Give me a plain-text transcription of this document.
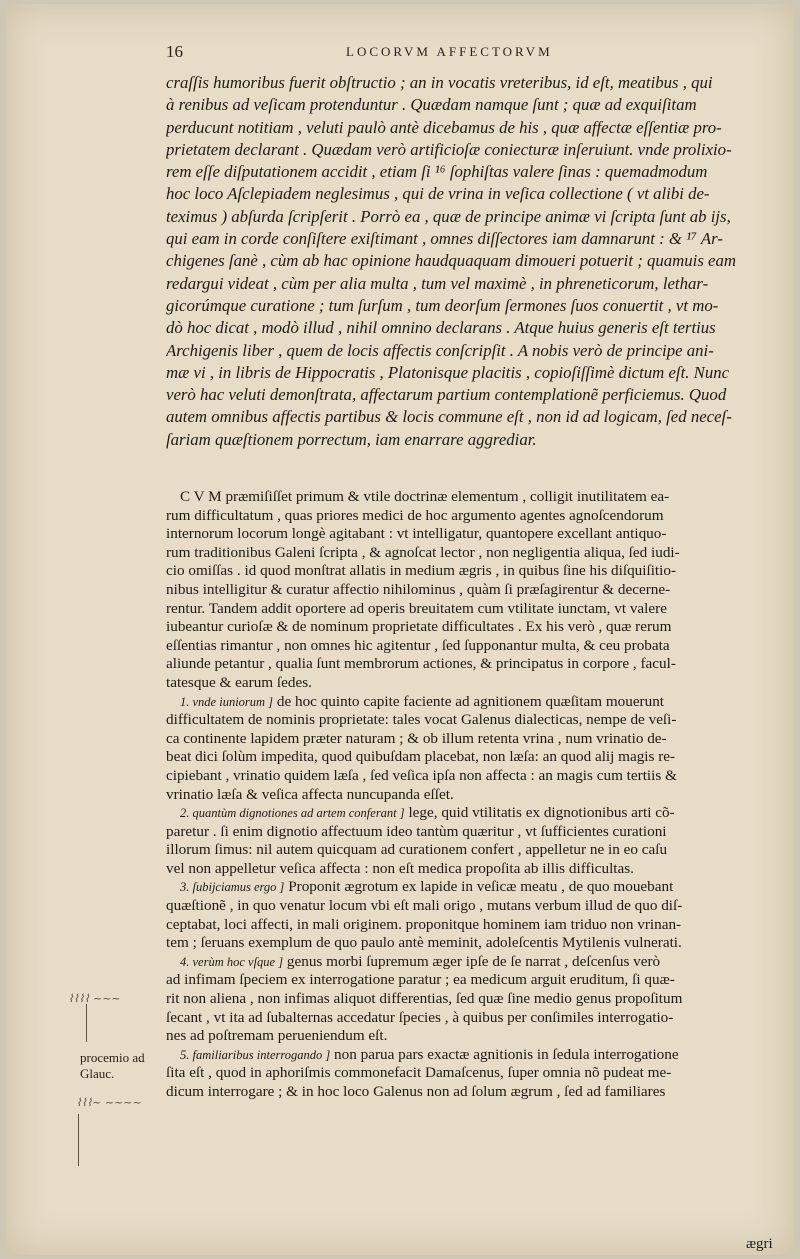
16	LOCORVM AFFECTORVM

craſſis humoribus fuerit obſtructio ; an in vocatis vreteribus, id eſt, meatibus , qui

à renibus ad veſicam protenduntur . Quædam namque ſunt ; quæ ad exquiſitam

perducunt notitiam , veluti paulò antè dicebamus de his , quæ affectæ eſſentiæ pro-

prietatem declarant . Quædam verò artificioſæ coniecturæ inſeruiunt. vnde prolixio-

rem eſſe diſputationem accidit , etiam ſi ¹⁶ ſophiſtas valere ſinas : quemadmodum

hoc loco Aſclepiadem neglesimus , qui de vrina in veſica collectione ( vt alibi de-

teximus ) abſurda ſcripſerit . Porrò ea , quæ de principe animæ vi ſcripta ſunt ab ijs,

qui eam in corde conſiſtere exiſtimant , omnes diſſectores iam damnarunt : & ¹⁷ Ar-

chigenes ſanè , cùm ab hac opinione haudquaquam dimoueri potuerit ; quamuis eam

redargui videat , cùm per alia multa , tum vel maximè , in phreneticorum, lethar-

gicorúmque curatione ; tum ſurſum , tum deorſum ſermones ſuos conuertit , vt mo-

dò hoc dicat , modò illud , nihil omnino declarans . Atque huius generis eſt tertius

Archigenis liber , quem de locis affectis conſcripſit . A nobis verò de principe ani-

mæ vi , in libris de Hippocratis , Platonisque placitis , copioſiſſimè dictum eſt. Nunc

verò hac veluti demonſtrata, affectarum partium contemplationẽ perficiemus. Quod

autem omnibus affectis partibus & locis commune eſt , non id ad logicam, ſed neceſ-

ſariam quæſtionem porrectum, iam enarrare aggrediar.

C V M præmiſiſſet primum & vtile doctrinæ elementum , colligit inutilitatem ea-

rum difficultatum , quas priores medici de hoc argumento agentes agnoſcendorum

internorum locorum longè agitabant : vt intelligatur, quantopere excellant antiquo-

rum traditionibus Galeni ſcripta , & agnoſcat lector , non negligentia aliqua, ſed iudi-

cio omiſſas . id quod monſtrat allatis in medium ægris , in quibus ſine his diſquiſitio-

nibus intelligitur & curatur affectio nihilominus , quàm ſi præſagirentur & decerne-

rentur. Tandem addit oportere ad operis breuitatem cum vtilitate iunctam, vt valere

iubeantur curioſæ & de nominum proprietate difficultates . Ex his verò , quæ rerum

eſſentias rimantur , non omnes hic agitentur , ſed ſupponantur multa, & ceu probata

aliunde petantur , qualia ſunt membrorum actiones, & principatus in corpore , facul-

tatesque & earum ſedes.

1. vnde iuniorum ] de hoc quinto capite faciente ad agnitionem quæſitam mouerunt

difficultatem de nominis proprietate: tales vocat Galenus dialecticas, nempe de veſi-

ca continente lapidem præter naturam ; & ob illum retenta vrina , num vrinatio de-

beat dici ſolùm impedita, quod quibuſdam placebat, non læſa: an quod alij magis re-

cipiebant , vrinatio quidem læſa , ſed veſica ipſa non affecta : an magis cum tertiis &

vrinatio læſa & veſica affecta nuncupanda eſſet.

2. quantùm dignotiones ad artem conferant ] lege, quid vtilitatis ex dignotionibus arti cõ-

paretur . ſi enim dignotio affectuum ideo tantùm quæritur , vt ſufficientes curationi

illorum ſimus: nil autem quicquam ad curationem confert , appelletur ne in eo caſu

vel non appelletur veſica affecta : non eſt medica propoſita ab illis difficultas.

3. ſubijciamus ergo ] Proponit ægrotum ex lapide in veſicæ meatu , de quo mouebant

quæſtionẽ , in quo venatur locum vbi eſt mali origo , mutans verbum illud de quo diſ-

ceptabat, loci affecti, in mali originem. proponitque hominem iam triduo non vrinan-

tem ; ſeruans exemplum de quo paulo antè meminit, adoleſcentis Mytilenis vulnerati.

4. verùm hoc vſque ] genus morbi ſupremum æger ipſe de ſe narrat , deſcenſus verò

ad infimam ſpeciem ex interrogatione paratur ; ea medicum arguit eruditum, ſi quæ-

rit non aliena , non infimas aliquot differentias, ſed quæ ſine medio genus propoſitum

ſecant , vt ita ad ſubalternas accedatur ſpecies , à quibus per conſimiles interrogatio-

nes ad poſtremam perueniendum eſt.

5. familiaribus interrogando ] non parua pars exactæ agnitionis in ſedula interrogatione

ſita eſt , quod in aphoriſmis commonefacit Damaſcenus, ſuper omnia nõ pudeat me-

dicum interrogare ; & in hoc loco Galenus non ad ſolum ægrum , ſed ad familiares

⌇⌇⌇⌇ ~~~
⌇⌇⌇~ ~~~~
procemio ad
Glauc.
ægri
